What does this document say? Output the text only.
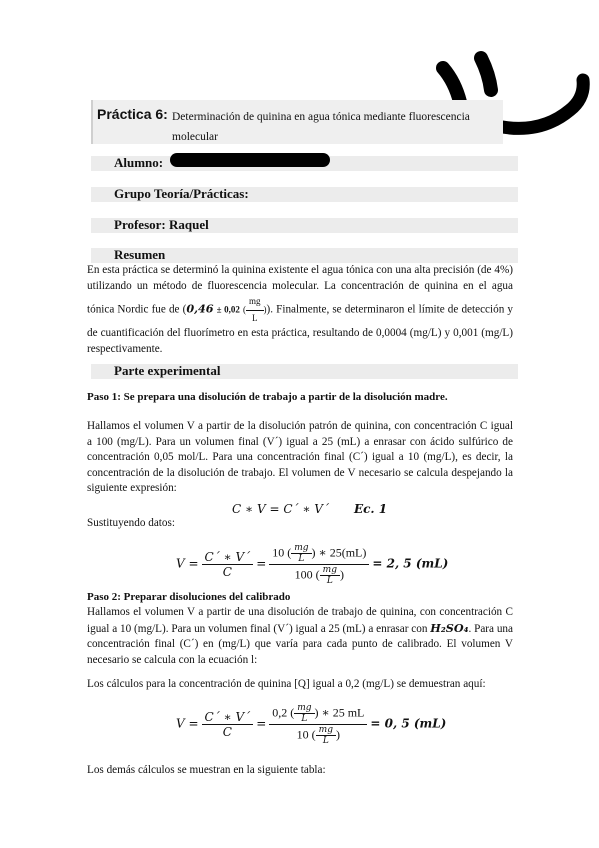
Práctica 6: Determinación de quinina en agua tónica mediante fluorescencia molecular
Alumno:
Grupo Teoría/Prácticas:
Profesor: Raquel
Resumen
En esta práctica se determinó la quinina existente el agua tónica con una alta precisión (de 4%) utilizando un método de fluorescencia molecular. La concentración de quinina en el agua tónica Nordic fue de (0,46 ± 0,02 ( $\frac{mg}{L}$ )). Finalmente, se determinaron el límite de detección y de cuantificación del fluorímetro en esta práctica, resultando de 0,0004 (mg/L) y 0,001 (mg/L) respectivamente.
Parte experimental
Paso 1: Se prepara una disolución de trabajo a partir de la disolución madre.
Hallamos el volumen V a partir de la disolución patrón de quinina, con concentración C igual a 100 (mg/L). Para un volumen final (V´) igual a 25 (mL) a enrasar con ácido sulfúrico de concentración 0,05 mol/L. Para una concentración final (C´) igual a 10 (mg/L), es decir, la concentración de la disolución de trabajo. El volumen de V necesario se calcula despejando la siguiente expresión:
C ∗ V = C´ ∗ V´ Ec. 1
Sustituyendo datos:
$V = \frac{C´ ∗ V´}{C} = \frac{10 ( \frac{mg}{L} ) ∗ 25(mL)}{100 ( \frac{mg}{L} )} = 2$, 5 (mL)
Paso 2: Preparar disoluciones del calibrado
Hallamos el volumen V a partir de una disolución de trabajo de quinina, con concentración C igual a 10 (mg/L). Para un volumen final (V´) igual a 25 (mL) a enrasar con H₂SO₄. Para una concentración final (C´) en (mg/L) que varía para cada punto de calibrado. El volumen V necesario se calcula con la ecuación l:
Los cálculos para la concentración de quinina [Q] igual a 0,2 (mg/L) se demuestran aquí:
$V = \frac{C´ ∗ V´}{C} = \frac{0,2 ( \frac{mg}{L} ) ∗ 25 mL}{10 ( \frac{mg}{L} )} = 0$, 5 (mL)
Los demás cálculos se muestran en la siguiente tabla:
